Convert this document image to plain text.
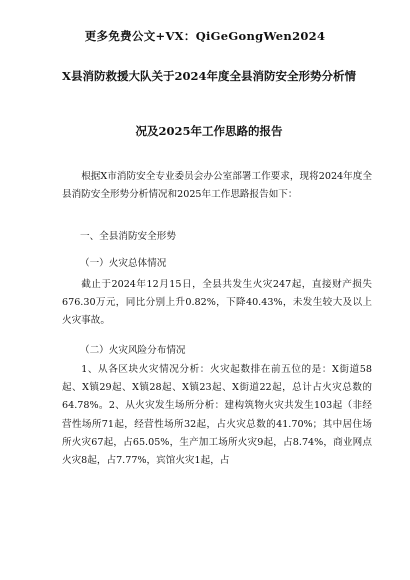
更多免费公文+VX：QiGeGongWen2024
X县消防救援大队关于2024年度全县消防安全形势分析情
况及2025年工作思路的报告
根据X市消防安全专业委员会办公室部署工作要求，现将2024年度全县消防安全形势分析情况和2025年工作思路报告如下：
一、全县消防安全形势
（一）火灾总体情况
截止于2024年12月15日，全县共发生火灾247起，直接财产损失676.30万元，同比分别上升0.82%，下降40.43%，未发生较大及以上火灾事故。
（二）火灾风险分布情况
1、从各区块火灾情况分析：火灾起数排在前五位的是：X街道58起、X镇29起、X镇28起、X镇23起、X街道22起，总计占火灾总数的64.78%。2、从火灾发生场所分析：建构筑物火灾共发生103起（非经营性场所71起，经营性场所32起，占火灾总数的41.70%；其中居住场所火灾67起，占65.05%，生产加工场所火灾9起，占8.74%，商业网点火灾8起，占7.77%，宾馆火灾1起，占
